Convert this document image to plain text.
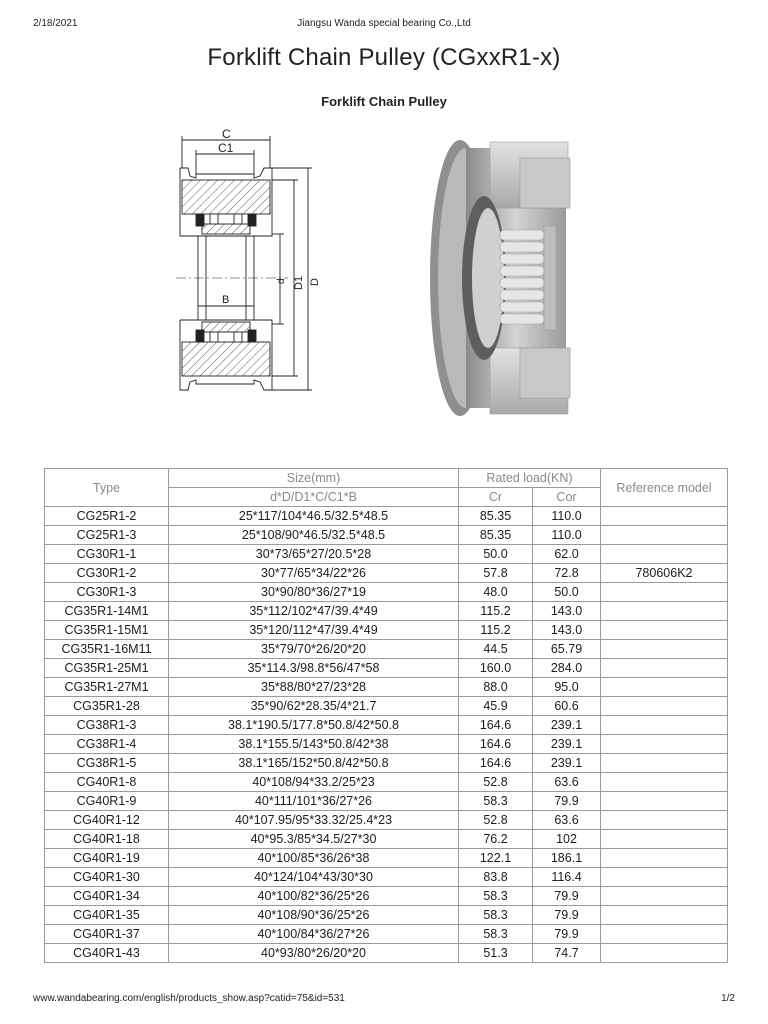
2/18/2021	Jiangsu Wanda special bearing Co.,Ltd
Forklift Chain Pulley (CGxxR1-x)
Forklift Chain Pulley
C
C1
B
d D1 D
Type	Size(mm)	Rated load(KN)		Reference model
	d*D/D1*C/C1*B	Cr	Cor	
CG25R1-2	25*117/104*46.5/32.5*48.5	85.35	110.0	
CG25R1-3	25*108/90*46.5/32.5*48.5	85.35	110.0	
CG30R1-1	30*73/65*27/20.5*28	50.0	62.0	
CG30R1-2	30*77/65*34/22*26	57.8	72.8	780606K2
CG30R1-3	30*90/80*36/27*19	48.0	50.0	
CG35R1-14M1	35*112/102*47/39.4*49	115.2	143.0	
CG35R1-15M1	35*120/112*47/39.4*49	115.2	143.0	
CG35R1-16M11	35*79/70*26/20*20	44.5	65.79	
CG35R1-25M1	35*114.3/98.8*56/47*58	160.0	284.0	
CG35R1-27M1	35*88/80*27/23*28	88.0	95.0	
CG35R1-28	35*90/62*28.35/4*21.7	45.9	60.6	
CG38R1-3	38.1*190.5/177.8*50.8/42*50.8	164.6	239.1	
CG38R1-4	38.1*155.5/143*50.8/42*38	164.6	239.1	
CG38R1-5	38.1*165/152*50.8/42*50.8	164.6	239.1	
CG40R1-8	40*108/94*33.2/25*23	52.8	63.6	
CG40R1-9	40*111/101*36/27*26	58.3	79.9	
CG40R1-12	40*107.95/95*33.32/25.4*23	52.8	63.6	
CG40R1-18	40*95.3/85*34.5/27*30	76.2	102	
CG40R1-19	40*100/85*36/26*38	122.1	186.1	
CG40R1-30	40*124/104*43/30*30	83.8	116.4	
CG40R1-34	40*100/82*36/25*26	58.3	79.9	
CG40R1-35	40*108/90*36/25*26	58.3	79.9	
CG40R1-37	40*100/84*36/27*26	58.3	79.9	
CG40R1-43	40*93/80*26/20*20	51.3	74.7	
www.wandabearing.com/english/products_show.asp?catid=75&id=531	1/2
